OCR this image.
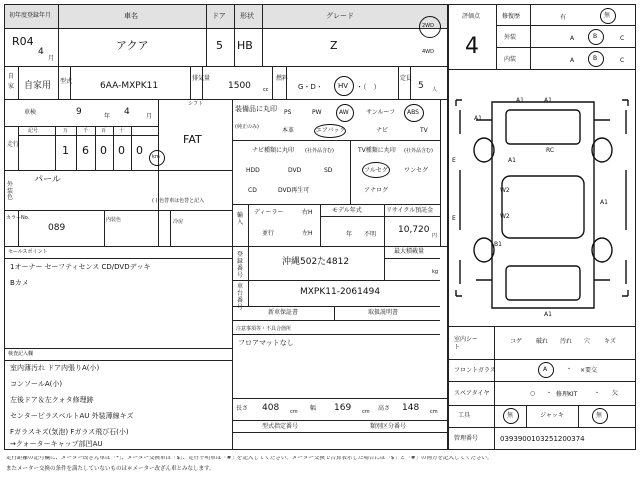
初年度登録年月
R04
4
月
車名
アクア
ドア
5
形状
HB
グレード
Z
2WD
4WD
自
家 自家用 型式	6AA-MXPK11
排気量
1500 cc
燃料
G・D・ HV ・（　）
定員
5 人
車検	9	年 4	月
走行
記号	万	千	百	十
1 6 0 0 0 km
シフト
FAT
外装色
パール
( ) 色替車は色替と記入
カラーNo.
089
内装色	冷房
装備品に丸印
(純正のみ)
PS	PW	AW	サンルーフ ABS
本革	エアバック	ナビ	TV
ナビ種類に丸印 (社外品含む)
HDD	DVD	SD
CD	DVD再生可
TV種類に丸印 (社外品含む)
フルセグ	ワンセグ
アナログ
輸入
ディーラー	右H
並行	左H
モデル年式
年 不明
リサイクル預託金
10,720
円
セールスポイント
1オーナー セーフティセンス CD/DVDデッキ
Bカメ
検査記入欄
室内薄汚れ ドア内張りA(小)
コンソールA(小)
左後ドア＆左クォタ修理跡
センターピラスベルトAU 外装薄線キズ
Fガラスキズ(気泡) Fガラス飛び石(小)
→クォーターキャップ部凹AU
登録番号
沖縄502た4812
最大積載量
kg
車台番号
MXPK11-2061494
新車保証書	取扱説明書
注意事項等・不具合箇所
フロアマットなし
長さ 408 cm 幅 169 cm 高さ 148 cm
型式指定番号	類別区分番号
評価点
4
修復歴	有	無
外装	A	B	C
内装	A	B	C
A1	A1
A1
A1
A1
A1
W2
W2
B1
RC
E
E
室内シート
コゲ 破れ 汚れ 穴 キズ
フロントガラス	A	・ ×要交
スペアタイヤ	○ ・ 修理KIT	・ 欠
工具	無	ジャッキ	無
管理番号	0393900103251200374
走行距離の記号欄に、メーター改ざん車は「*」、メーター交換車は「$」、走行不明車は「#」を記入してください。メーター交換で合算表示した場合には「$」と「#」の両方を記入してください。
またメーター交換の条件を満たしていないものは＊メーター改ざん車とみなします。
